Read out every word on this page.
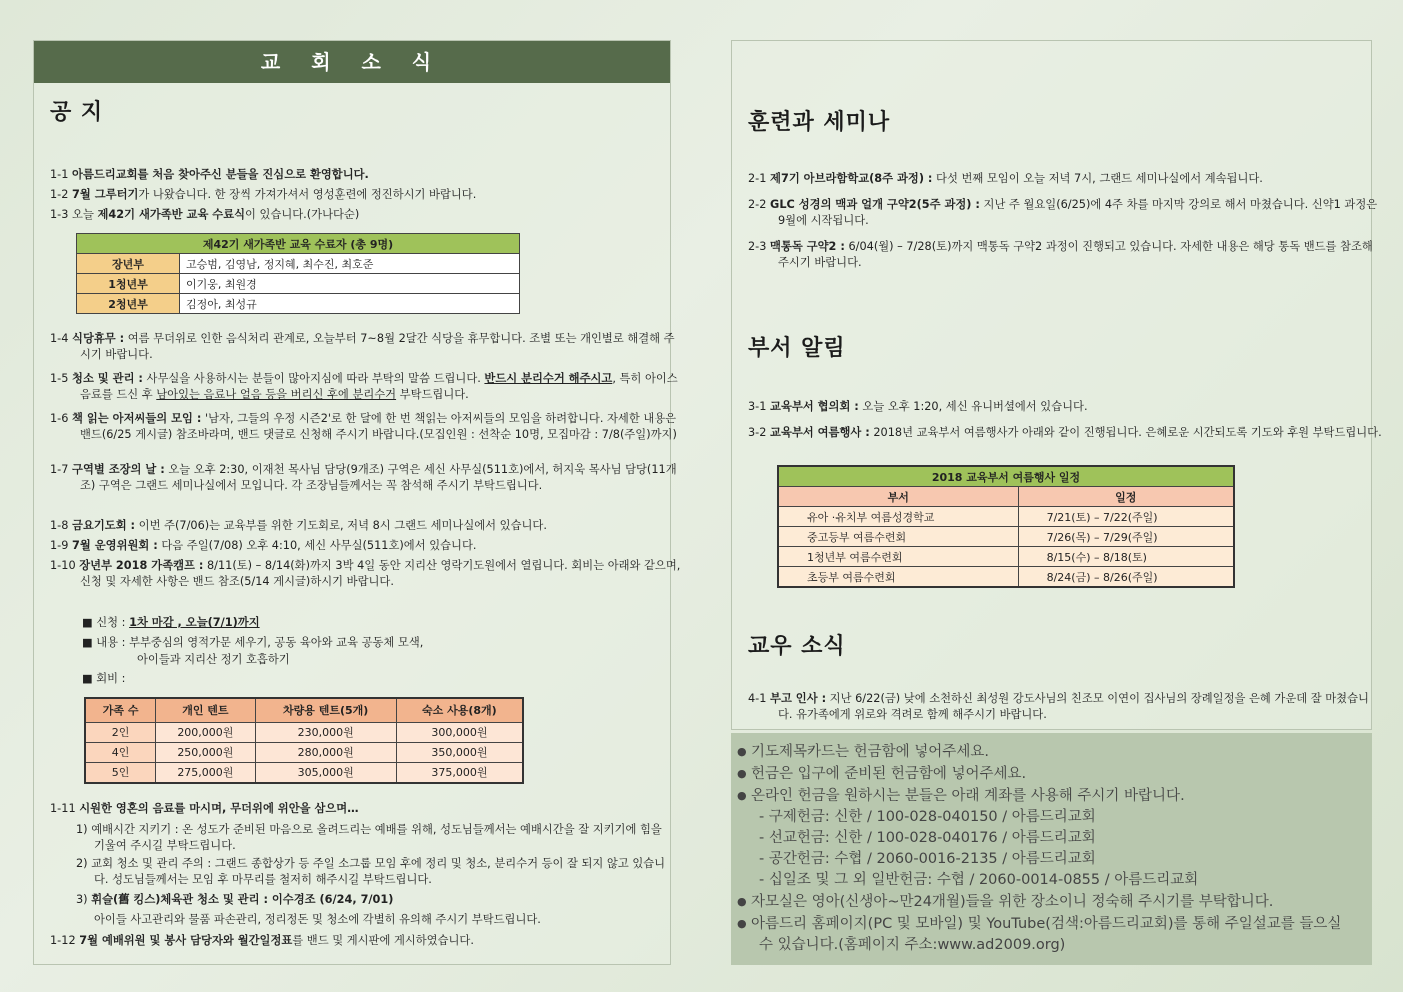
교 회 소 식
공 지
1-1 아름드리교회를 처음 찾아주신 분들을 진심으로 환영합니다.
1-2 7월 그루터기가 나왔습니다. 한 장씩 가져가셔서 영성훈련에 정진하시기 바랍니다.
1-3 오늘 제42기 새가족반 교육 수료식이 있습니다.(가나다순)
제42기 새가족반 교육 수료자 (총 9명)	
장년부	고승범, 김영남, 정지혜, 최수진, 최호준
1청년부	이기웅, 최원경
2청년부	김정아, 최성규
1-4 식당휴무 : 여름 무더위로 인한 음식처리 관계로, 오늘부터 7~8월 2달간 식당을 휴무합니다. 조별 또는 개인별로 해결해 주시기 바랍니다.
1-5 청소 및 관리 : 사무실을 사용하시는 분들이 많아지심에 따라 부탁의 말씀 드립니다. 반드시 분리수거 해주시고, 특히 아이스음료를 드신 후 남아있는 음료나 얼음 등을 버리신 후에 분리수거 부탁드립니다.
1-6 책 읽는 아저씨들의 모임 : '남자, 그들의 우정 시즌2'로 한 달에 한 번 책읽는 아저씨들의 모임을 하려합니다. 자세한 내용은 밴드(6/25 게시글) 참조바라며, 밴드 댓글로 신청해 주시기 바랍니다.(모집인원 : 선착순 10명, 모집마감 : 7/8(주일)까지)
1-7 구역별 조장의 날 : 오늘 오후 2:30, 이재천 목사님 담당(9개조) 구역은 세신 사무실(511호)에서, 허지욱 목사님 담당(11개조) 구역은 그랜드 세미나실에서 모입니다. 각 조장님들께서는 꼭 참석해 주시기 부탁드립니다.
1-8 금요기도회 : 이번 주(7/06)는 교육부를 위한 기도회로, 저녁 8시 그랜드 세미나실에서 있습니다.
1-9 7월 운영위원회 : 다음 주일(7/08) 오후 4:10, 세신 사무실(511호)에서 있습니다.
1-10 장년부 2018 가족캠프 : 8/11(토) – 8/14(화)까지 3박 4일 동안 지리산 영락기도원에서 열립니다. 회비는 아래와 같으며, 신청 및 자세한 사항은 밴드 참조(5/14 게시글)하시기 바랍니다.
■ 신청 : 1차 마감 , 오늘(7/1)까지
■ 내용 : 부부중심의 영적가문 세우기, 공동 육아와 교육 공동체 모색,
아이들과 지리산 정기 호흡하기
■ 회비 :
가족 수	개인 텐트	차량용 텐트(5개)	숙소 사용(8개)
2인	200,000원	230,000원	300,000원
4인	250,000원	280,000원	350,000원
5인	275,000원	305,000원	375,000원
1-11 시원한 영혼의 음료를 마시며, 무더위에 위안을 삼으며…
1) 예배시간 지키기 : 온 성도가 준비된 마음으로 올려드리는 예배를 위해, 성도님들께서는 예배시간을 잘 지키기에 힘을 기울여 주시길 부탁드립니다.
2) 교회 청소 및 관리 주의 : 그랜드 종합상가 등 주일 소그룹 모임 후에 정리 및 청소, 분리수거 등이 잘 되지 않고 있습니다. 성도님들께서는 모임 후 마무리를 철저히 해주시길 부탁드립니다.
3) 휘슬(舊 킹스)체육관 청소 및 관리 : 이수경조 (6/24, 7/01)
아이들 사고관리와 물품 파손관리, 정리정돈 및 청소에 각별히 유의해 주시기 부탁드립니다.
1-12 7월 예배위원 및 봉사 담당자와 월간일정표를 밴드 및 게시판에 게시하였습니다.
훈련과 세미나
2-1 제7기 아브라함학교(8주 과정) : 다섯 번째 모임이 오늘 저녁 7시, 그랜드 세미나실에서 계속됩니다.
2-2 GLC 성경의 맥과 얼개 구약2(5주 과정) : 지난 주 월요일(6/25)에 4주 차를 마지막 강의로 해서 마쳤습니다. 신약1 과정은 9월에 시작됩니다.
2-3 맥통독 구약2 : 6/04(월) – 7/28(토)까지 맥통독 구약2 과정이 진행되고 있습니다. 자세한 내용은 해당 통독 밴드를 참조해주시기 바랍니다.
부서 알림
3-1 교육부서 협의회 : 오늘 오후 1:20, 세신 유니버셜에서 있습니다.
3-2 교육부서 여름행사 : 2018년 교육부서 여름행사가 아래와 같이 진행됩니다. 은혜로운 시간되도록 기도와 후원 부탁드립니다.
2018 교육부서 여름행사 일정	
부서	일정
유아 ·유치부 여름성경학교	7/21(토) – 7/22(주일)
중고등부 여름수련회	7/26(목) – 7/29(주일)
1청년부 여름수련회	8/15(수) – 8/18(토)
초등부 여름수련회	8/24(금) – 8/26(주일)
교우 소식
4-1 부고 인사 : 지난 6/22(금) 낮에 소천하신 최성원 강도사님의 친조모 이연이 집사님의 장례일정을 은혜 가운데 잘 마쳤습니다. 유가족에게 위로와 격려로 함께 해주시기 바랍니다.
● 기도제목카드는 헌금함에 넣어주세요.
● 헌금은 입구에 준비된 헌금함에 넣어주세요.
● 온라인 헌금을 원하시는 분들은 아래 계좌를 사용해 주시기 바랍니다.
- 구제헌금: 신한 / 100-028-040150 / 아름드리교회
- 선교헌금: 신한 / 100-028-040176 / 아름드리교회
- 공간헌금: 수협 / 2060-0016-2135 / 아름드리교회
- 십일조 및 그 외 일반헌금: 수협 / 2060-0014-0855 / 아름드리교회
● 자모실은 영아(신생아~만24개월)들을 위한 장소이니 정숙해 주시기를 부탁합니다.
● 아름드리 홈페이지(PC 및 모바일) 및 YouTube(검색:아름드리교회)를 통해 주일설교를 들으실
수 있습니다.(홈페이지 주소:www.ad2009.org)
